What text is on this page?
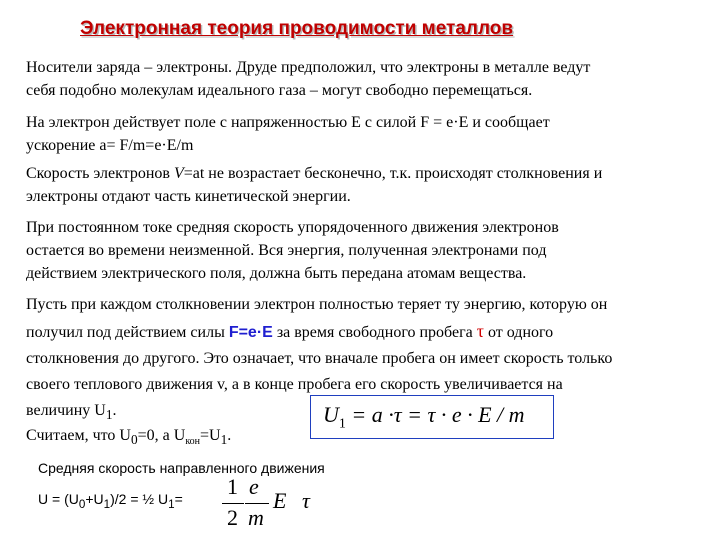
Электронная теория проводимости металлов
Носители заряда – электроны. Друде предположил, что электроны в металле ведут
себя подобно молекулам идеального газа – могут свободно перемещаться.
На электрон действует поле с напряженностью E с силой F = e·E и сообщает
ускорение a= F/m=e·E/m
Скорость электронов V=at не возрастает бесконечно, т.к. происходят столкновения и
электроны отдают часть кинетической энергии.
При постоянном токе средняя скорость упорядоченного движения электронов
остается во времени неизменной. Вся энергия, полученная электронами под
действием электрического поля, должна быть передана атомам вещества.
Пусть при каждом столкновении электрон полностью теряет ту энергию, которую он
получил под действием силы F=e·E за время свободного пробега τ от одного
столкновения до другого. Это означает, что вначале пробега он имеет скорость только
своего теплового движения v, а в конце пробега его скорость увеличивается на
величину $U_1$.	$U_1 = a \cdot\tau = \tau \cdot e \cdot E / m$
Считаем, что $U_0=0$, а $U_{кон}=U_1$.
Средняя скорость направленного движения
$U = (U_0+U_1)/2$ = ½ $U_1=$	1
2
e
m
E τ
